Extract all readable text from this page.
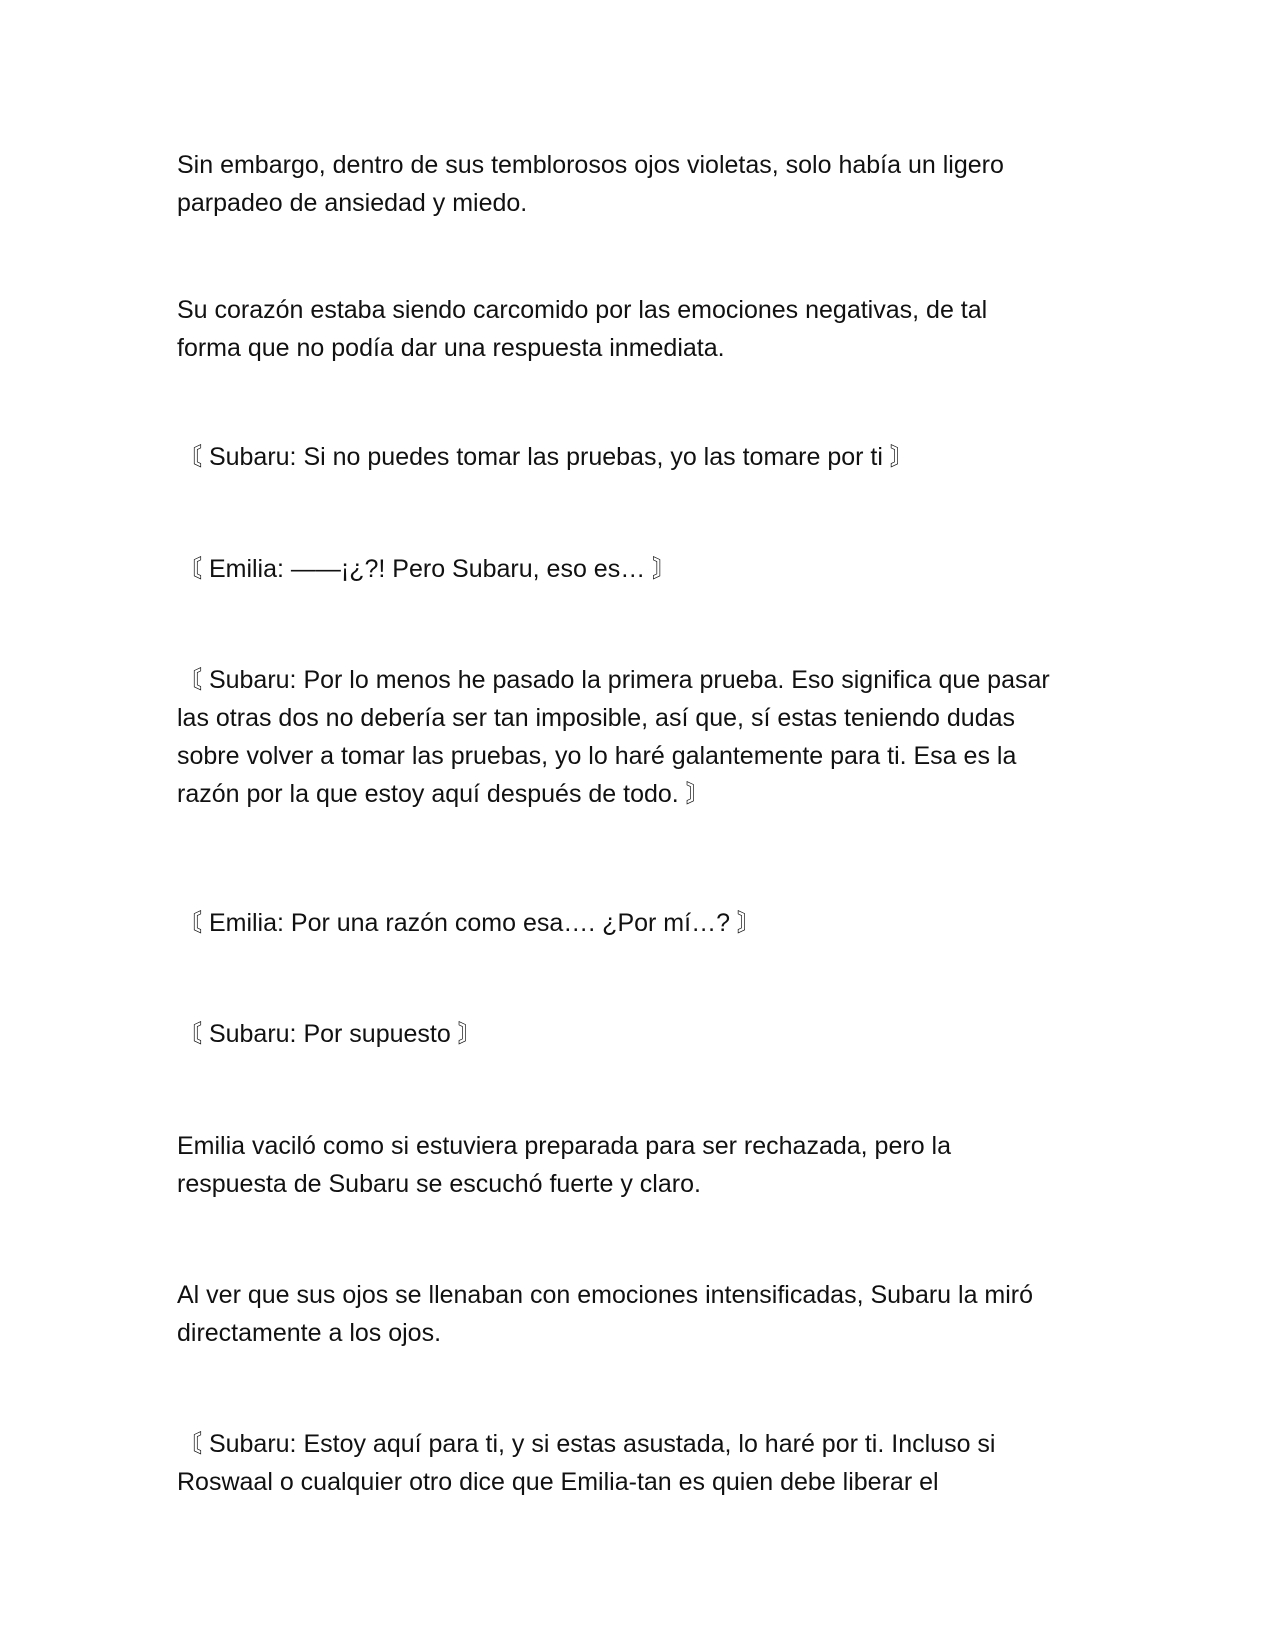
Sin embargo, dentro de sus temblorosos ojos violetas, solo había un ligero
parpadeo de ansiedad y miedo.

Su corazón estaba siendo carcomido por las emociones negativas, de tal
forma que no podía dar una respuesta inmediata.

〘 Subaru: Si no puedes tomar las pruebas, yo las tomare por ti 〙

〘 Emilia: ——¡¿?! Pero Subaru, eso es… 〙

〘 Subaru: Por lo menos he pasado la primera prueba. Eso significa que pasar
las otras dos no debería ser tan imposible, así que, sí estas teniendo dudas
sobre volver a tomar las pruebas, yo lo haré galantemente para ti. Esa es la
razón por la que estoy aquí después de todo. 〙

〘 Emilia: Por una razón como esa…. ¿Por mí…? 〙

〘 Subaru: Por supuesto 〙

Emilia vaciló como si estuviera preparada para ser rechazada, pero la
respuesta de Subaru se escuchó fuerte y claro.

Al ver que sus ojos se llenaban con emociones intensificadas, Subaru la miró
directamente a los ojos.

〘 Subaru: Estoy aquí para ti, y si estas asustada, lo haré por ti. Incluso si
Roswaal o cualquier otro dice que Emilia-tan es quien debe liberar el
